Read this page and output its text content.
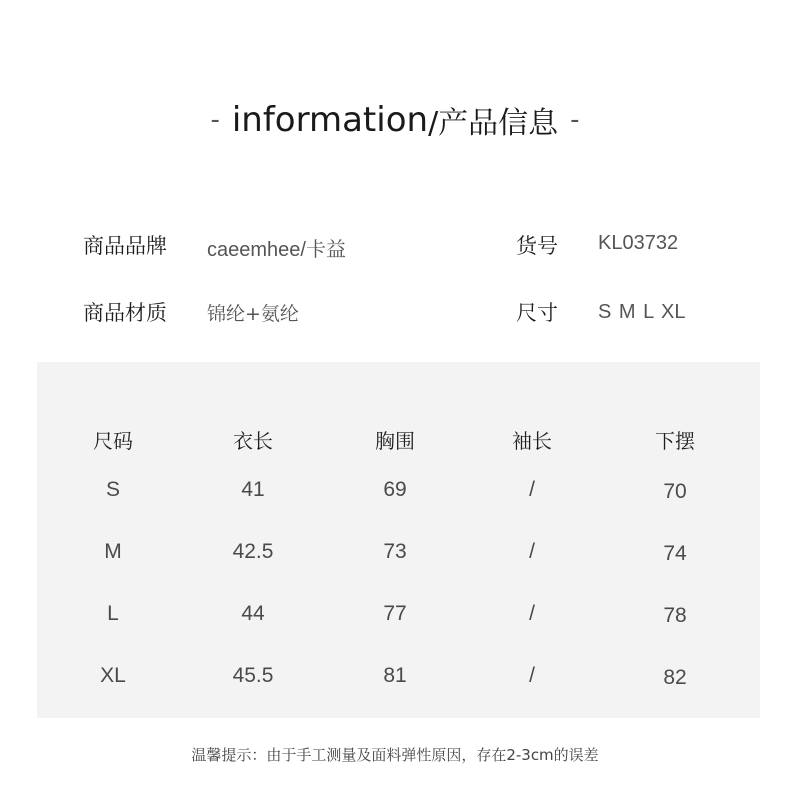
- information /产品信息 -
商品品牌 caeemhee/卡益	货号 KL03732
商品材质 锦纶+氨纶	尺寸 S M L XL
尺码	衣长	胸围	袖长	下摆
S	41	69	/	70
M	42.5	73	/	74
L	44	77	/	78
XL	45.5	81	/	82
温馨提示：由于手工测量及面料弹性原因，存在2-3cm的误差
